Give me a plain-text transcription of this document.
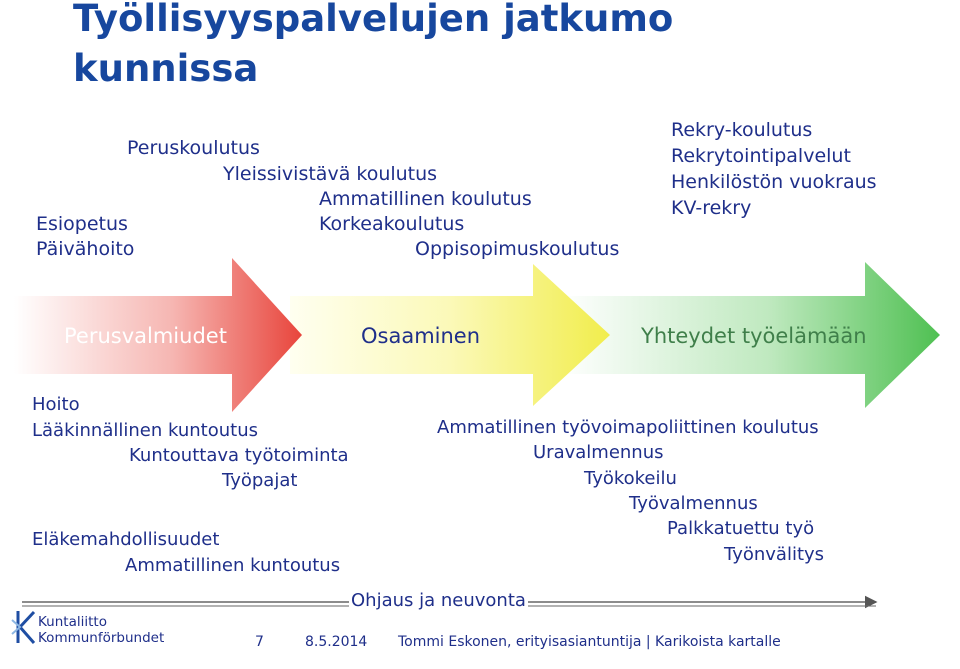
Työllisyyspalvelujen jatkumo kunnissa
Esiopetus
Päivähoito
Peruskoulutus
Yleissivistävä koulutus
Ammatillinen koulutus
Korkeakoulutus
Oppisopimuskoulutus
Rekry-koulutus
Rekrytointipalvelut
Henkilöstön vuokraus
KV-rekry
Perusvalmiudet	Osaaminen	Yhteydet työelämään
Hoito
Lääkinnällinen kuntoutus
Kuntouttava työtoiminta
Työpajat
Eläkemahdollisuudet
Ammatillinen kuntoutus
Ammatillinen työvoimapoliittinen koulutus
Uravalmennus
Työkokeilu
Työvalmennus
Palkkatuettu työ
Työnvälitys
Ohjaus ja neuvonta
Kuntaliitto
Kommunförbundet	7	8.5.2014 Tommi Eskonen, erityisasiantuntija | Karikoista kartalle
